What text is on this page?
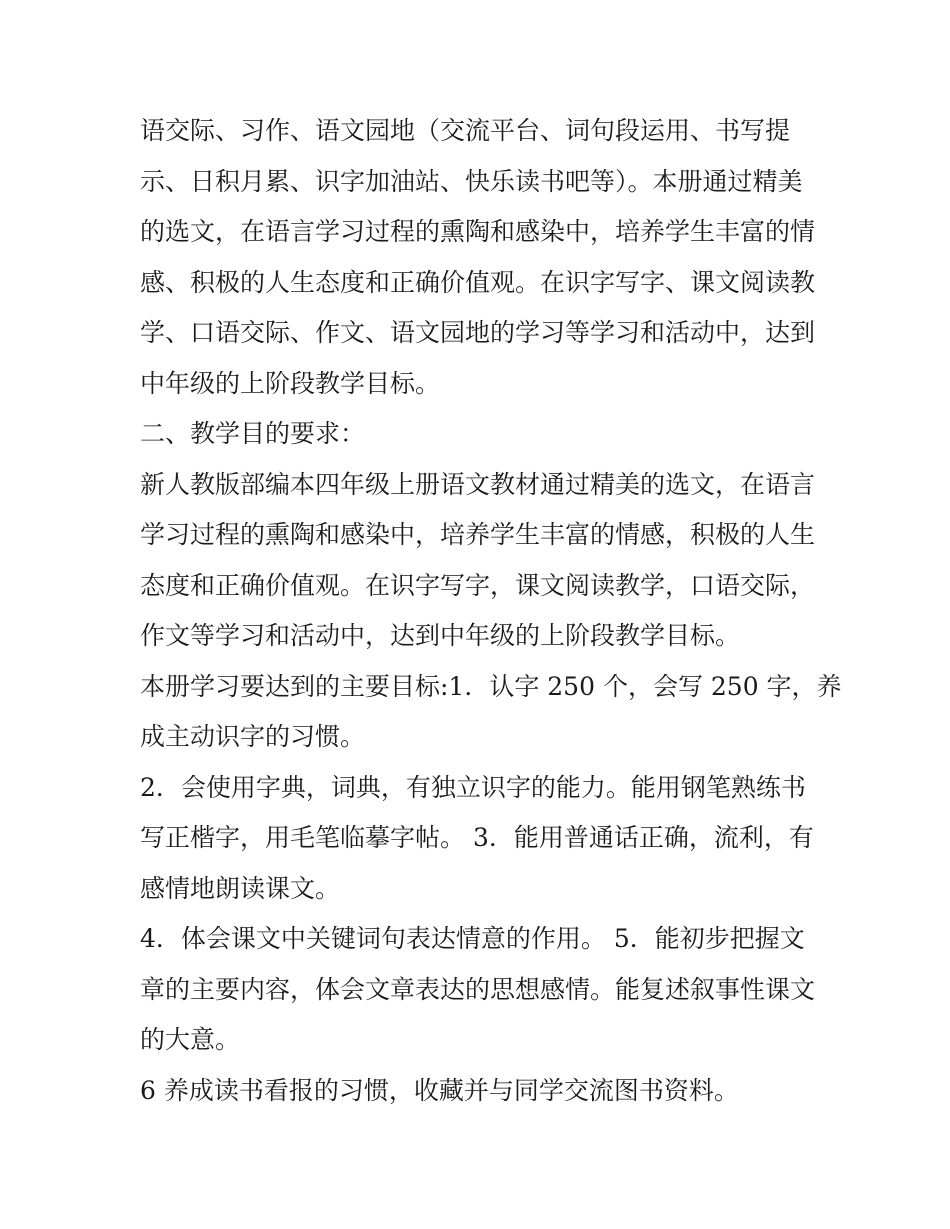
语交际、习作、语文园地（交流平台、词句段运用、书写提
示、日积月累、识字加油站、快乐读书吧等）。本册通过精美
的选文，在语言学习过程的熏陶和感染中，培养学生丰富的情
感、积极的人生态度和正确价值观。在识字写字、课文阅读教
学、口语交际、作文、语文园地的学习等学习和活动中，达到
中年级的上阶段教学目标。
二、教学目的要求：
新人教版部编本四年级上册语文教材通过精美的选文，在语言
学习过程的熏陶和感染中，培养学生丰富的情感，积极的人生
态度和正确价值观。在识字写字，课文阅读教学，口语交际，
作文等学习和活动中，达到中年级的上阶段教学目标。
本册学习要达到的主要目标:1．认字 250 个，会写 250 字，养
成主动识字的习惯。
2．会使用字典，词典，有独立识字的能力。能用钢笔熟练书
写正楷字，用毛笔临摹字帖。 3．能用普通话正确，流利，有
感情地朗读课文。
4．体会课文中关键词句表达情意的作用。 5．能初步把握文
章的主要内容，体会文章表达的思想感情。能复述叙事性课文
的大意。
6 养成读书看报的习惯，收藏并与同学交流图书资料。
